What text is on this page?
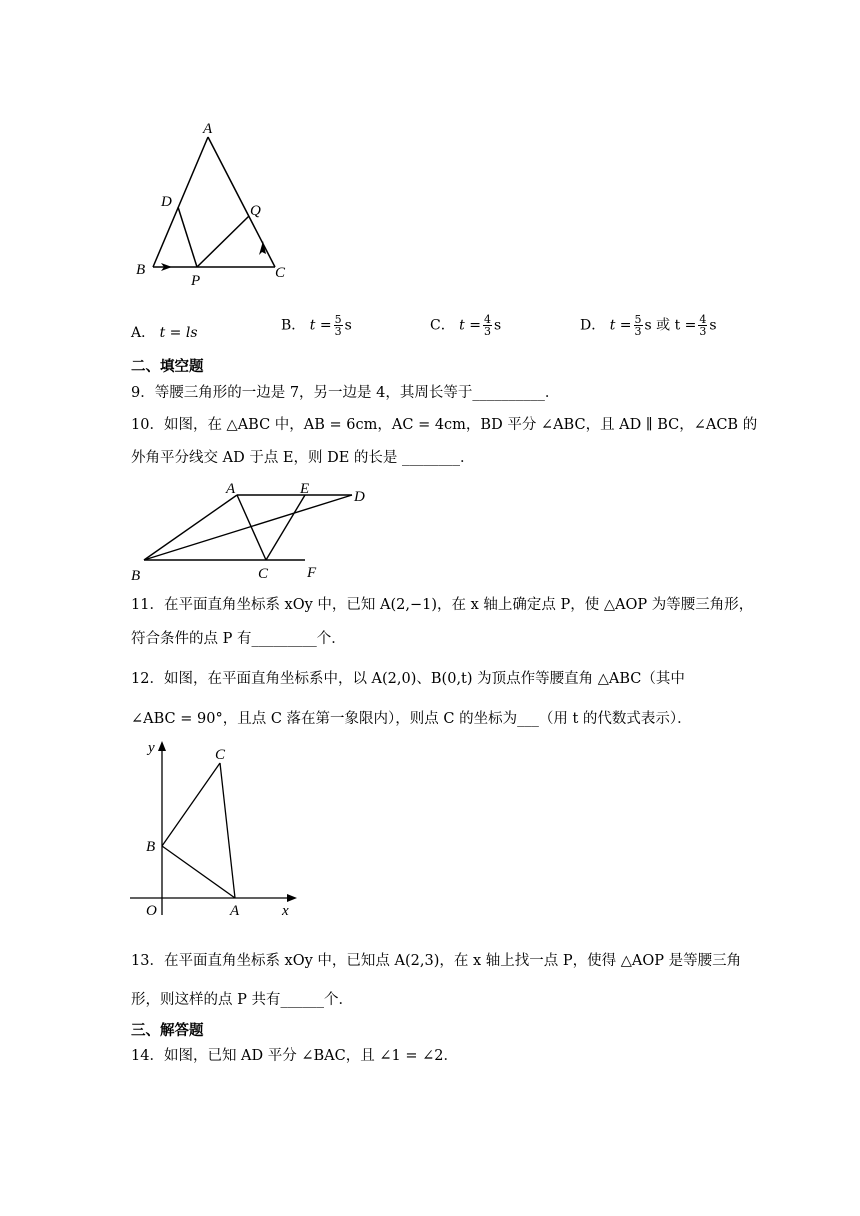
A
D
Q
B
P	C
A． t = ls	B． $t = \frac{5}{3}$ s	C． $t = \frac{4}{3}$ s	D． $t = \frac{5}{3}$ s 或 $t = \frac{4}{3}$ s
二、填空题
9．等腰三角形的一边是 7，另一边是 4，其周长等于__________．
10．如图，在 △ABC 中，AB = 6cm，AC = 4cm，BD 平分 ∠ABC，且 AD ∥ BC，∠ACB 的
外角平分线交 AD 于点 E，则 DE 的长是 ________．
A	E	D
B	C	F
11．在平面直角坐标系 xOy 中，已知 A(2,−1)，在 x 轴上确定点 P，使 △AOP 为等腰三角形，
符合条件的点 P 有_________个．
12．如图，在平面直角坐标系中，以 A(2,0)、B(0,t) 为顶点作等腰直角 △ABC（其中
∠ABC = 90°，且点 C 落在第一象限内），则点 C 的坐标为___（用 t 的代数式表示）．
y	C
B
O	A	x
13．在平面直角坐标系 xOy 中，已知点 A(2,3)，在 x 轴上找一点 P，使得 △AOP 是等腰三角
形，则这样的点 P 共有______个．
三、解答题
14．如图，已知 AD 平分 ∠BAC，且 ∠1 = ∠2．
